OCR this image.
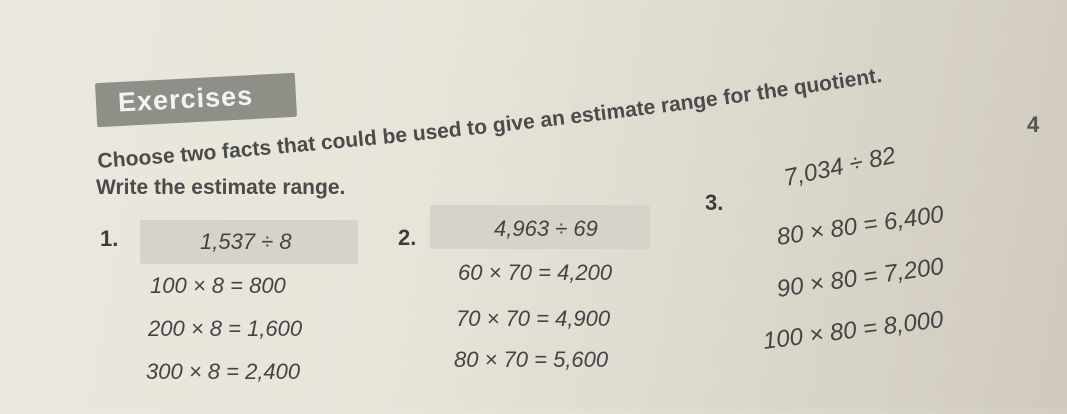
Exercises
Choose two facts that could be used to give an estimate range for the quotient.
Write the estimate range.
4
1.	1,537 ÷ 8
100 × 8 = 800
200 × 8 = 1,600
300 × 8 = 2,400
2.	4,963 ÷ 69
60 × 70 = 4,200
70 × 70 = 4,900
80 × 70 = 5,600
3.
7,034 ÷ 82
80 × 80 = 6,400
90 × 80 = 7,200
100 × 80 = 8,000
